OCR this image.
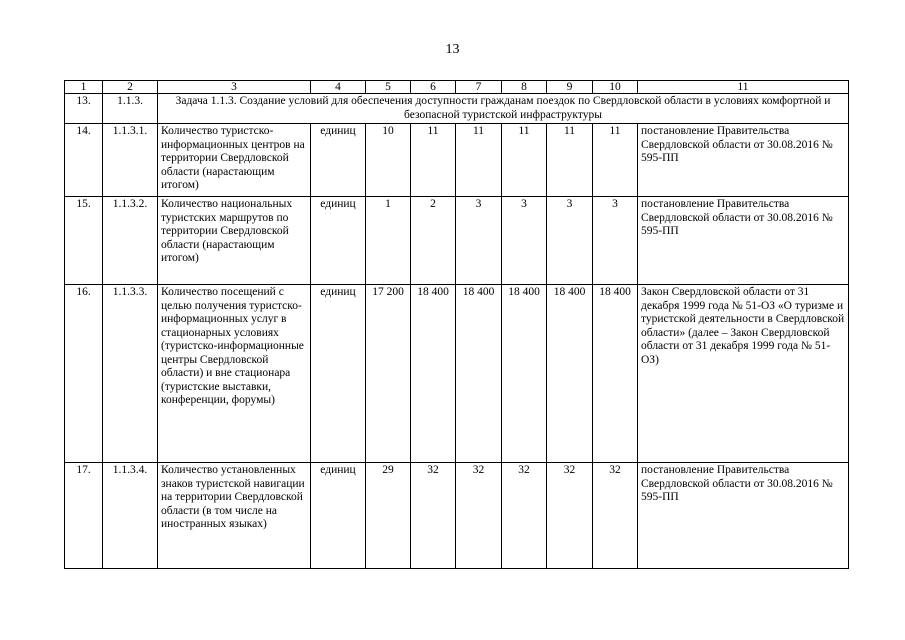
13
1	2	3	4	5	6	7	8	9	10	11
13.	1.1.3.	Задача 1.1.3. Создание условий для обеспечения доступности гражданам поездок по Свердловской области в условиях комфортной и безопасной туристской инфраструктуры								
14.	1.1.3.1.	Количество туристско-информационных центров на территории Свердловской области (нарастающим итогом)	единиц	10	11	11	11	11	11	постановление Правительства Свердловской области от 30.08.2016 № 595-ПП
15.	1.1.3.2.	Количество национальных туристских маршрутов по территории Свердловской области (нарастающим итогом)	единиц	1	2	3	3	3	3	постановление Правительства Свердловской области от 30.08.2016 № 595-ПП
16.	1.1.3.3.	Количество посещений с целью получения туристско-информационных услуг в стационарных условиях (туристско-информационные центры Свердловской области) и вне стационара (туристские выставки, конференции, форумы)	единиц	17 200	18 400	18 400	18 400	18 400	18 400	Закон Свердловской области от 31 декабря 1999 года № 51-ОЗ «О туризме и туристской деятельности в Свердловской области» (далее – Закон Свердловской области от 31 декабря 1999 года № 51-ОЗ)
17.	1.1.3.4.	Количество установленных знаков туристской навигации на территории Свердловской области (в том числе на иностранных языках)	единиц	29	32	32	32	32	32	постановление Правительства Свердловской области от 30.08.2016 № 595-ПП
